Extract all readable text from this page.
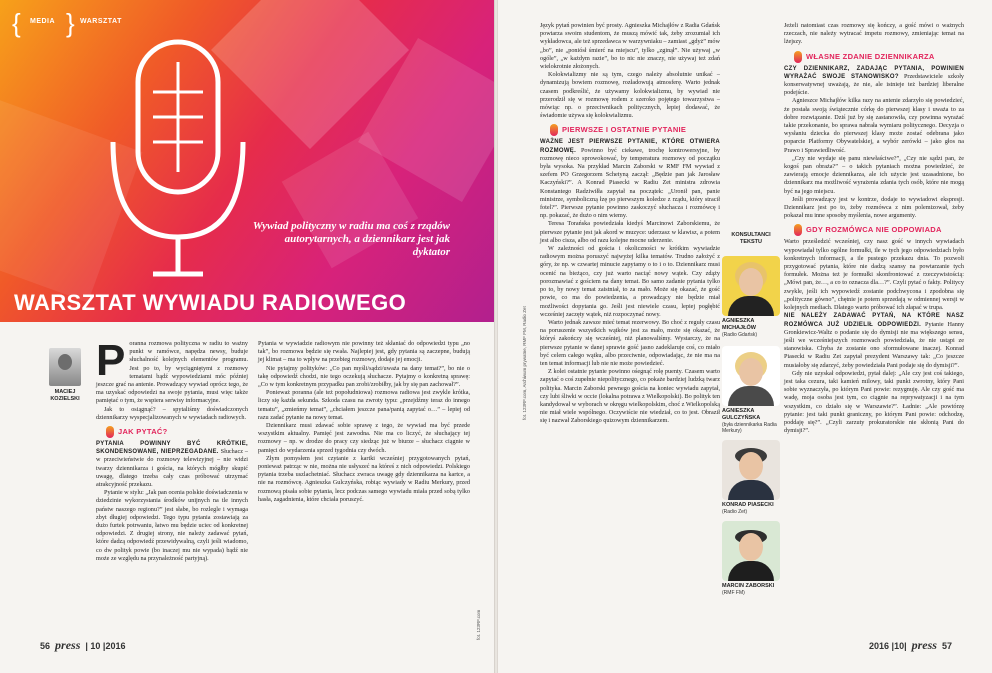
{ MEDIA } WARSZTAT
Wywiad polityczny w radiu ma coś z rządów autorytarnych, a dziennikarz jest jak dyktator
WARSZTAT WYWIADU RADIOWEGO
MACIEJ KOZIELSKI
P oranna rozmowa polityczna w radiu to ważny punkt w ramówce, napędza newsy, buduje słuchalność kolejnych elementów programu. Jest po to, by wyciągniętymi z rozmowy tematami bądź wypowiedziami móc później jeszcze grać na antenie. Prowadzący wywiad oprócz tego, że ma uzyskać odpowiedzi na swoje pytania, musi więc także pamiętać o tym, że wspiera serwisy informacyjne.

Jak to osiągnąć? – spytaliśmy doświadczonych dziennikarzy wyspecjalizowanych w wywiadach radiowych.

JAK PYTAĆ?

PYTANIA POWINNY BYĆ KRÓTKIE, SKONDENSOWANE, NIEPRZEGADANE. Słuchacz – w przeciwieństwie do rozmowy telewizyjnej – nie widzi twarzy dziennikarza i gościa, na których mógłby skupić uwagę, dlatego trzeba cały czas próbować utrzymać atrakcyjność przekazu.

Pytanie w stylu: „Jak pan ocenia polskie doświadczenia w dziedzinie wykorzystania środków unijnych na tle innych państw naszego regionu?” jest słabe, bo rozlegle i wymaga zbyt długiej odpowiedzi. Tego typu pytania zostawiają za dużo furtek potrwaniu, łatwo mu będzie uciec od konkretnej odpowiedzi. Z drugiej strony, nie należy zadawać pytań, które dadzą odpowiedź przewidywalną, czyli jeśli wiadomo, co dw polityk powie (bo inaczej mu nie wypada) bądź nie może ze względu na przynależność partyjną).

Pytania w wywiadzie radiowym nie powinny też skłaniać do odpowiedzi typu „no tak”, bo rozmowa będzie się rwała. Najlepiej jest, gdy pytania są zaczepne, budują jej klimat – ma to wpływ na przebieg rozmowy, dodaje jej emocji.

Nie pytajmy polityków: „Co pan myśli/sądzi/uważa na dany temat?”, bo nie o takę odpowiedź chodzi, nie tego oczekują słuchacze. Pytajmy o konkretną sprawę: „Co w tym konkretnym przypadku pan zrobi/zrobiłby, jak by się pan zachował?”.

Ponieważ poranna (ale też popołudniowa) rozmowa radiowa jest zwykle krótka, liczy się każda sekunda. Szkoda czasu na zwroty typu: „przejdźmy teraz do innego tematu”, „zmieńmy temat”, „chciałem jeszcze pana/panią zapytać o…” – lepiej od razu zadać pytanie na nowy temat.

Dziennikarz musi zdawać sobie sprawę z tego, że wywiad ma być przede wszystkim aktualny. Pamięć jest zawodna. Nie ma co liczyć, że słuchający tej rozmowy – np. w drodze do pracy czy siedząc już w biurze – słuchacz ciągnie w pamięci do wydarzenia sprzed tygodnia czy dwóch.

Złym pomysłem jest czytanie z kartki wcześniej przygotowanych pytań, ponieważ patrząc w nie, można nie usłyszeć na któreś z nich odpowiedzi. Polskiego pytania trzeba uszlachetniać. Słuchacz zwraca uwagę gdy dziennikarza na kartce, a nie na rozmówcę. Agnieszka Gulczyńska, robiąc wywiady w Radiu Merkury, przed rozmową pisała sobie pytania, lecz podczas samego wywiadu miała przed sobą tylko hasła, zagadnienia, które chciała poruszyć.

fot. 123RF.com
56 press  | 10 |2016

Język pytań powinien być prosty. Agnieszka Michajłów z Radia Gdańsk powtarza swoim studentom, że muszą mówić tak, żeby zrozumiał ich wykładowca, ale też sprzedawca w warzywniaku – zamiast „gdyż” mów „bo”, nie „poniósł śmierć na miejscu”, tylko „zginął”. Nie używaj „w ogóle”, „w każdym razie”, bo to nic nie znaczy, nie używaj też zdań wielokrotnie złożonych.

Kolokwializmy nie są tym, czego należy absolutnie unikać – dynamizują bowiem rozmowę, rozładowują atmosferę. Warto jednak czasem podkreślić, że używamy kolokwializmu, by wywiad nie przerodził się w rozmowę rodem z szeroko pojętego towarzystwa – mówiąc np. o przeciwnikach politycznych, lepiej dodawać, że świadomie używa się kolokwializmu.

PIERWSZE I OSTATNIE PYTANIE

WAŻNE JEST PIERWSZE PYTANIE, KTÓRE OTWIERA ROZMOWĘ. Powinno być ciekawe, trochę kontrowersyjne, by rozmowę nieco sprowokować, by temperatura rozmowy od początku była wysoka. Na przykład Marcin Zaborski w RMF FM wywiad z szefem PO Grzegorzem Schetyną zaczął: „Będzie pan jak Jarosław Kaczyński?”. A Konrad Piasecki w Radiu Zet ministra zdrowia Konstantego Radziwiłła zapytał na początek: „Uronił pan, panie ministrze, symboliczną łzę po pierwszym koledze z rządu, który stracił fotel?”. Pierwsze pytanie powinno zaskoczyć słuchacza i rozmówcę i np. pokazać, że dużo o nim wiemy.

Teresa Torańska powiedziała kiedyś Marcinowi Zaborskiemu, że pierwsze pytanie jest jak akord w muzyce: uderzasz w klawisz, a potem jest albo cisza, albo od razu kolejne mocne uderzenie.

W zależności od gościa i okoliczności w krótkim wywiadzie radiowym można poruszyć najwyżej kilka tematów. Trudno założyć z góry, że np. w czwartej minucie zapytamy o to i o to. Dziennikarz musi ocenić na bieżąco, czy już warto naciąć nowy wątek. Czy zdąży porozmawiać z gościem na dany temat. Bo samo zadanie pytania tylko po to, by nowy temat zaistniał, to za mało. Może się okazać, że gość powie, co ma do powiedzenia, a prowadzący nie będzie miał możliwości dopytania go. Jeśli jest niewiele czasu, lepiej pogłębić wcześniej zaczęty wątek, niż rozpoczynać nowy.

Warto jednak zawsze mieć temat rezerwowy. Bo choć z reguły czasu na poruszenie wszystkich wątków jest za mało, może się okazać, że któryś zakończy się wcześniej, niż planowaliśmy. Wystarczy, że na pierwsze pytanie w danej sprawie gość jasno zadeklaruje coś, co miało być celem całego wątku, albo przeciwnie, odpowiadając, że nie ma na ten temat informacji lub nie nie może powiedzieć.

Z kolei ostatnie pytanie powinno ośegnąć rolę puenty. Czasem warto zapytać o coś zupełnie niepolitycznego, co pokaże bardziej ludzką twarz polityka. Marcin Zaborski pewnego gościa na koniec wywiadu zapytał, czy lubi śliwki w occie (lokalna potrawa z Wielkopolski). Bo polityk ten kandydował w wyborach w okręgu wielkopolskim, choć z Wielkopolską nie miał wiele wspólnego. Oczywiście nie wiedział, co to jest. Obraził się i nazwał Zaborskiego quizowym dziennikarzem.

fot. 123RF.com, Archiwum prywatne, RMF FM, Radio Zet
KONSULTANCI TEKSTU
AGNIESZKA MICHAJŁÓW
(Radio Gdańsk)
AGNIESZKA GULCZYŃSKA
(była dziennikarka Radia Merkury)
KONRAD PIASECKI
(Radio Zet)
MARCIN ZABORSKI
(RMF FM)

Jeżeli natomiast czas rozmowy się kończy, a gość mówi o ważnych rzeczach, nie należy wytracać impetu rozmowy, zmieniając temat na lżejszy.

WŁASNE ZDANIE DZIENNIKARZA

CZY DZIENNIKARZ, ZADAJĄC PYTANIA, POWINIEN WYRAŻAĆ SWOJE STANOWISKO? Przedstawiciele szkoły konserwatywnej uważają, że nie, ale istnieje też bardziej liberalne podejście.

Agnieszce Michajłów kilka razy na antenie zdarzyło się powiedzieć, że postała swoją świątecznie córkę do pierwszej klasy i uważa to za dobre rozwiązanie. Dziś już by się zastanowiła, czy powinna wyrażać takie przekonanie, bo sprawa nabrała wymiaru politycznego. Decyzja o wysłaniu dziecka do pierwszej klasy może zostać odebrana jako poparcie Platformy Obywatelskiej, a wybór zerówki – jako głos na Prawo i Sprawiedliwość.

„Czy nie wydaje się panu niewłaściwe?”, „Czy nie sądzi pan, że kogoś pan obraża?” – o takich pytaniach można powiedzieć, że zawierają emocje dziennikarza, ale ich użycie jest uzasadnione, bo dziennikarz ma możliwość wyrażenia zdania tych osób, które nie mogą być na jego miejscu.

Jeśli prowadzący jest w kontrze, dodaje to wywiadowi ekspresji. Dziennikarz jest po to, żeby rozmówca z nim polemizował, żeby pokazał mu inne sposoby myślenia, nowe argumenty.

GDY ROZMÓWCA NIE ODPOWIADA

Warto prześledzić wcześniej, czy nasz gość w innych wywiadach wypowiadał tylko ogólne formułki, ile w tych jego odpowiedziach było konkretnych informacji, a ile pustego przekazu dnia. To pozwoli przygotować pytania, które nie dadzą szansy na powtarzanie tych formułek. Można też je formułki skonfrontować z rzeczywistością: „Mówi pan, że…, a co to oznacza dla…?”. Czyli pytać o fakty. Politycy zwykle, jeśli ich wypowiedź zostanie podchwycona i zpodobna się „polityczne gówno”, chętnie je potem sprzedają w odmiennej wersji w kolejnych mediach. Dlatego warto próbować ich złapać w trupa.

NIE NALEŻY ZADAWAĆ PYTAŃ, NA KTÓRE NASZ ROZMÓWCA JUŻ UDZIELIŁ ODPOWIEDZI. Pytanie Hanny Gronkiewicz-Waltz o podanie się do dymisji nie ma większego sensu, jeśli we wcześniejszych rozmowach powiedziała, że nie ustąpi ze stanowiska. Chyba że zostanie ono sformułowane inaczej. Konrad Piasecki w Radiu Zet zapytał prezydent Warszawy tak: „Co jeszcze musiałoby się zdarzyć, żeby powiedziała Pani podaje się do dymisji?”.

Gdy nie uzyskał odpowiedzi, pytał dalej: „Ale czy jest coś takiego, jest taka cezura, taki kamień milowy, taki punkt zwrotny, który Pani sobie wyznaczyła, po którym Pani powie: rezygnuję. Ale czy gość ma wadę, moja osoba jest tym, co ciągnie na reprywatyzacji i na tym wszystkim, co działo się w Warszawie?”. Ładnie: „Ale powtórzę pytanie: jest taki punkt graniczny, po którym Pani powie: odchodzę, poddaję się?”. „Czyli zarzuty prokuratorskie nie skłonią Pani do dymisji?”.

2016 |10|  press 57
